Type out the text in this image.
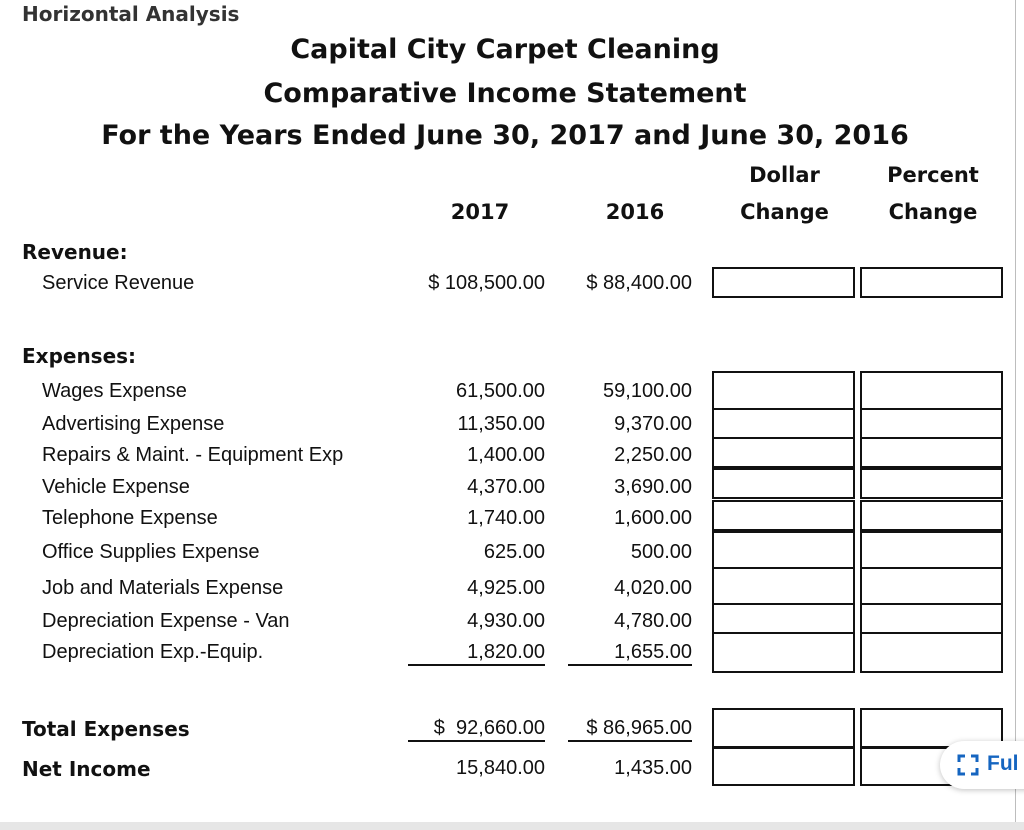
Horizontal Analysis
Capital City Carpet Cleaning
Comparative Income Statement
For the Years Ended June 30, 2017 and June 30, 2016
2017	2016
Dollar
Change
Percent
Change
Revenue:
Service Revenue	$ 108,500.00	$ 88,400.00
Expenses:
Wages Expense	61,500.00	59,100.00
Advertising Expense	11,350.00	9,370.00
Repairs & Maint. - Equipment Exp	1,400.00	2,250.00
Vehicle Expense	4,370.00	3,690.00
Telephone Expense	1,740.00	1,600.00
Office Supplies Expense	625.00	500.00
Job and Materials Expense	4,925.00	4,020.00
Depreciation Expense - Van	4,930.00	4,780.00
Depreciation Exp.-Equip.	1,820.00	1,655.00
Total Expenses	$  92,660.00	$ 86,965.00
Net Income	15,840.00	1,435.00	Ful
